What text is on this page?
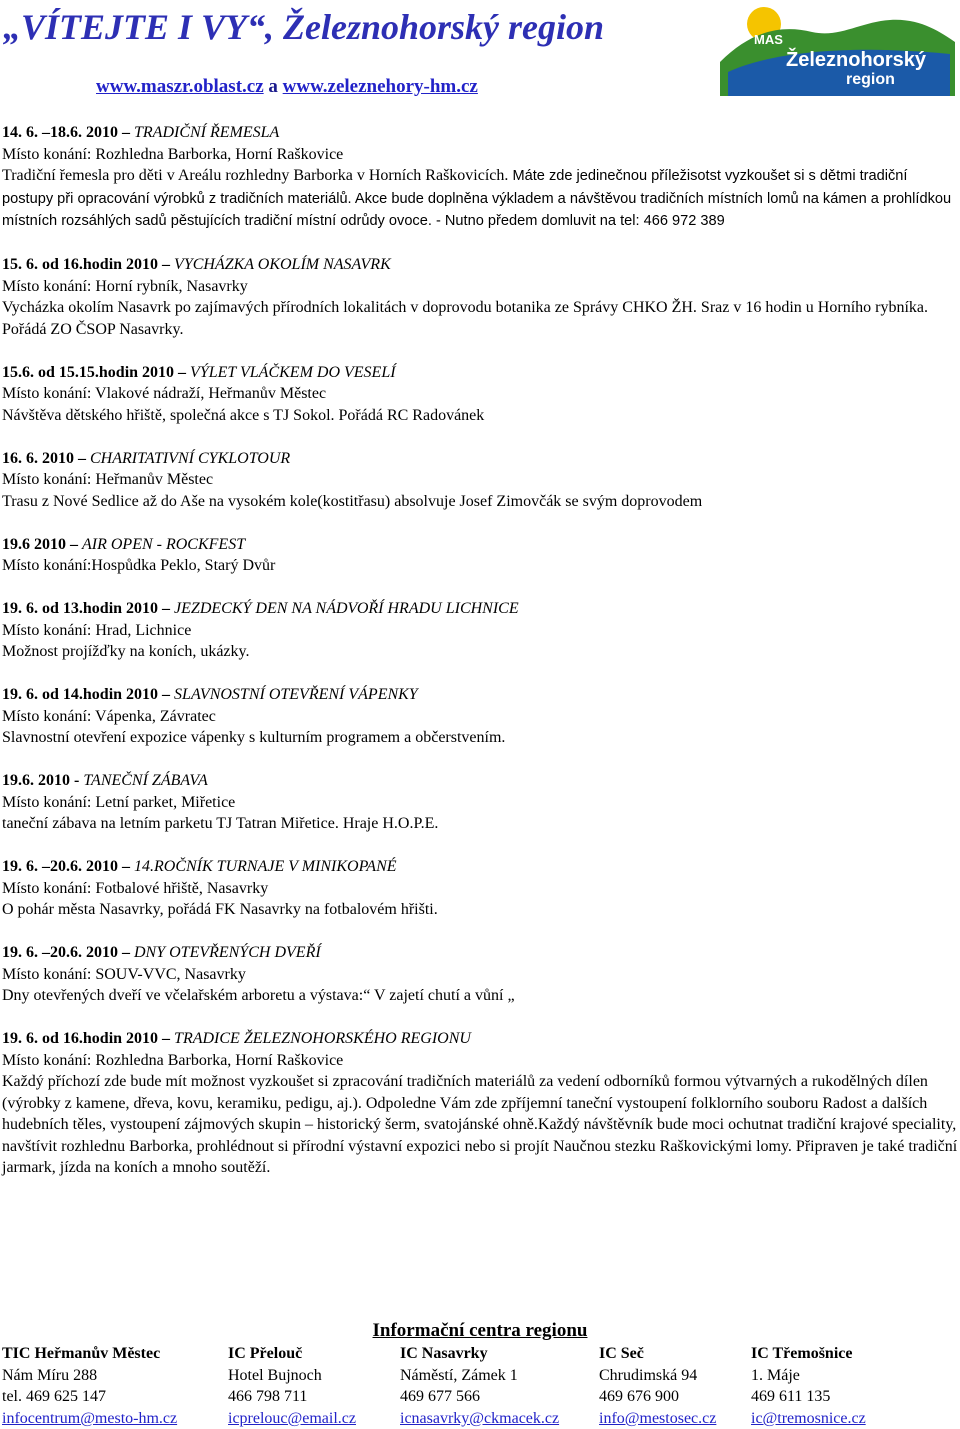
„VÍTEJTE I VY“, Železnohorský region
www.maszr.oblast.cz a www.zeleznehory-hm.cz
MAS
Železnohorský
region
14. 6. –18.6. 2010 – TRADIČNÍ ŘEMESLA
Místo konání: Rozhledna Barborka, Horní Raškovice
Tradiční řemesla pro děti v Areálu rozhledny Barborka v Horních Raškovicích. Máte zde jedinečnou příležisotst vyzkoušet si s dětmi tradiční postupy při opracování výrobků z tradičních materiálů. Akce bude doplněna výkladem a návštěvou tradičních místních lomů na kámen a prohlídkou místních rozsáhlých sadů pěstujících tradiční místní odrůdy ovoce. - Nutno předem domluvit na tel: 466 972 389
15. 6. od 16.hodin 2010 – VYCHÁZKA OKOLÍM NASAVRK
Místo konání: Horní rybník, Nasavrky
Vycházka okolím Nasavrk po zajímavých přírodních lokalitách v doprovodu botanika ze Správy CHKO ŽH. Sraz v 16 hodin u Horního rybníka. Pořádá ZO ČSOP Nasavrky.
15.6. od 15.15.hodin 2010 – VÝLET VLÁČKEM DO VESELÍ
Místo konání: Vlakové nádraží, Heřmanův Městec
Návštěva dětského hřiště, společná akce s TJ Sokol. Pořádá RC Radovánek
16. 6. 2010 – CHARITATIVNÍ CYKLOTOUR
Místo konání: Heřmanův Městec
Trasu z Nové Sedlice až do Aše na vysokém kole(kostitřasu) absolvuje Josef Zimovčák se svým doprovodem
19.6 2010 – AIR OPEN - ROCKFEST
Místo konání:Hospůdka Peklo, Starý Dvůr
19. 6. od 13.hodin 2010 – JEZDECKÝ DEN NA NÁDVOŘÍ HRADU LICHNICE
Místo konání: Hrad, Lichnice
Možnost projížďky na koních, ukázky.
19. 6. od 14.hodin 2010 – SLAVNOSTNÍ OTEVŘENÍ VÁPENKY
Místo konání: Vápenka, Závratec
Slavnostní otevření expozice vápenky s kulturním programem a občerstvením.
19.6. 2010 - TANEČNÍ ZÁBAVA
Místo konání: Letní parket, Miřetice
taneční zábava na letním parketu TJ Tatran Miřetice. Hraje H.O.P.E.
19. 6. –20.6. 2010 – 14.ROČNÍK TURNAJE V MINIKOPANÉ
Místo konání: Fotbalové hřiště, Nasavrky
O pohár města Nasavrky, pořádá FK Nasavrky na fotbalovém hřišti.
19. 6. –20.6. 2010 – DNY OTEVŘENÝCH DVEŘÍ
Místo konání: SOUV-VVC, Nasavrky
Dny otevřených dveří ve včelařském arboretu a výstava:“ V zajetí chutí a vůní „
19. 6. od 16.hodin 2010 – TRADICE ŽELEZNOHORSKÉHO REGIONU
Místo konání: Rozhledna Barborka, Horní Raškovice
Každý příchozí zde bude mít možnost vyzkoušet si zpracování tradičních materiálů za vedení odborníků formou výtvarných a rukodělných dílen (výrobky z kamene, dřeva, kovu, keramiku, pedigu, aj.). Odpoledne Vám zde zpříjemní taneční vystoupení folklorního souboru Radost a dalších hudebních těles, vystoupení zájmových skupin – historický šerm, svatojánské ohně.Každý návštěvník bude moci ochutnat tradiční krajové speciality, navštívit rozhlednu Barborka, prohlédnout si přírodní výstavní expozici nebo si projít Naučnou stezku Raškovickými lomy. Připraven je také tradiční jarmark, jízda na koních a mnoho soutěží.
Informační centra regionu
TIC Heřmanův Městec
Nám Míru 288
tel. 469 625 147
infocentrum@mesto-hm.cz
IC Přelouč
Hotel Bujnoch
466 798 711
icprelouc@email.cz
IC Nasavrky
Náměstí, Zámek 1
469 677 566
icnasavrky@ckmacek.cz
IC Seč
Chrudimská 94
469 676 900
info@mestosec.cz
IC Třemošnice
1. Máje
469 611 135
ic@tremosnice.cz
